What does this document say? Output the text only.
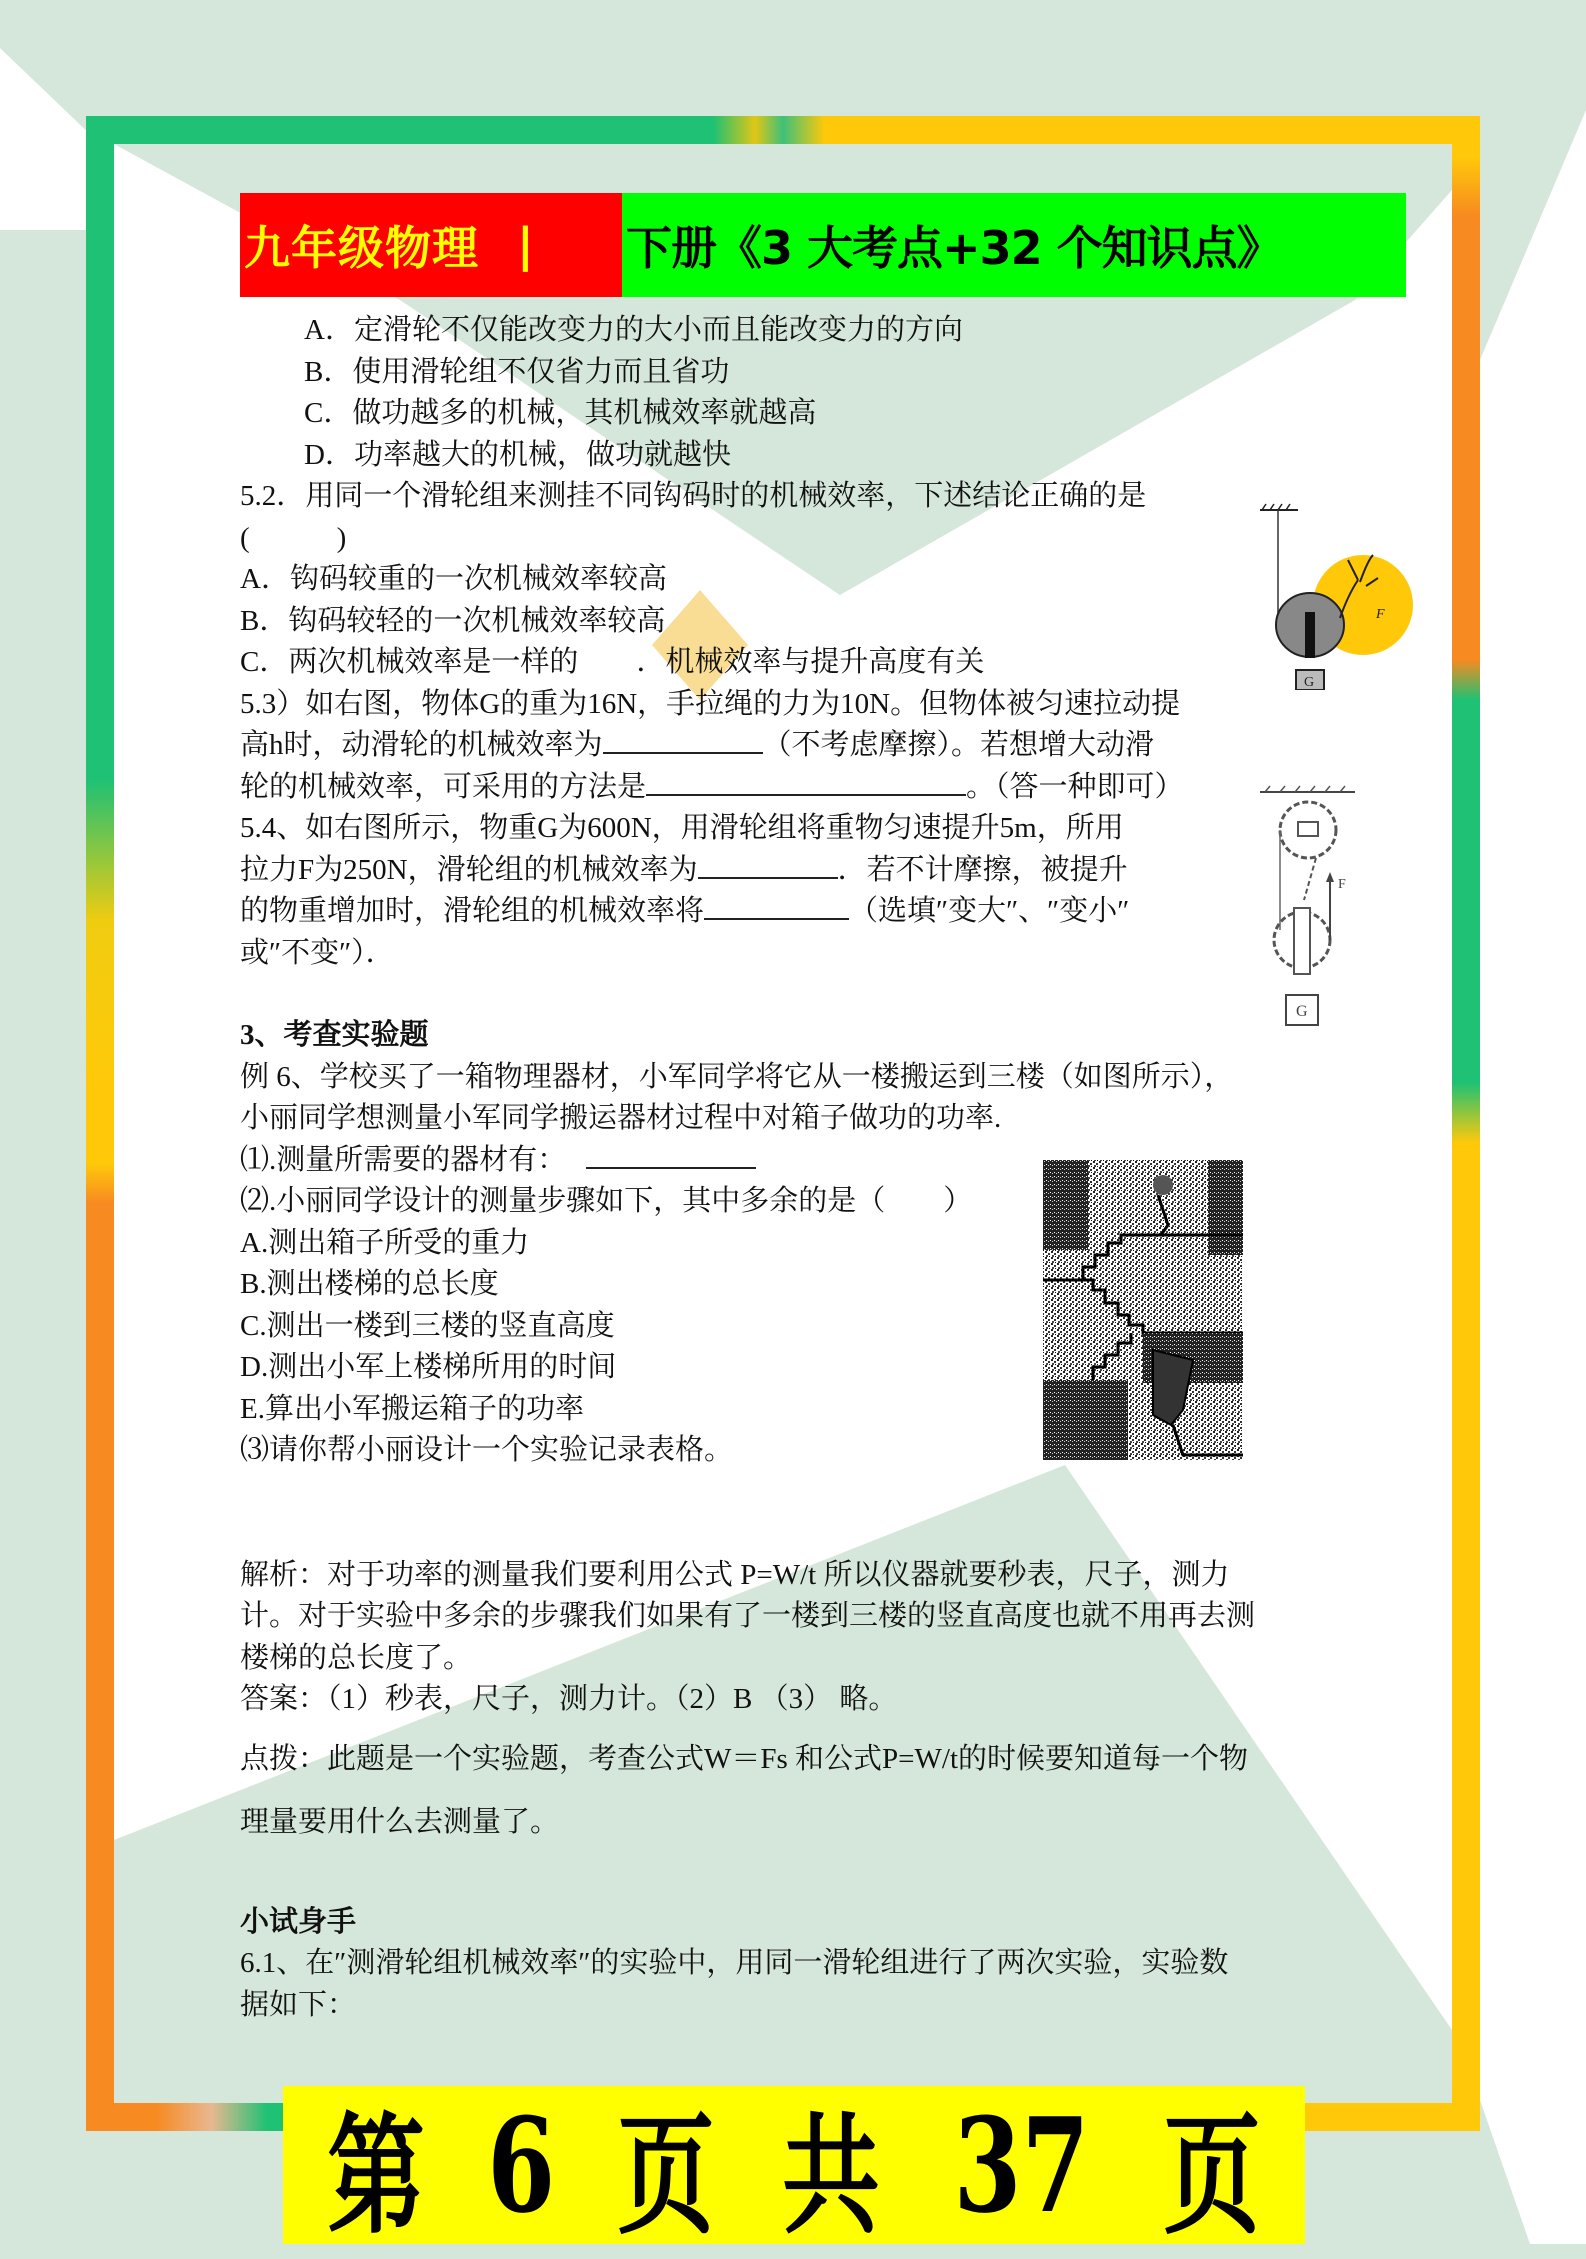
九年级物理 | 下册《3 大考点+32 个知识点》
A．定滑轮不仅能改变力的大小而且能改变力的方向
B．使用滑轮组不仅省力而且省功
C．做功越多的机械，其机械效率就越高
D．功率越大的机械，做功就越快
5.2．用同一个滑轮组来测挂不同钩码时的机械效率，下述结论正确的是
(　　　)
A．钩码较重的一次机械效率较高
B．钩码较轻的一次机械效率较高
C．两次机械效率是一样的　　．机械效率与提升高度有关
5.3）如右图，物体G的重为16N，手拉绳的力为10N。但物体被匀速拉动提
高h时，动滑轮的机械效率为	（不考虑摩擦）。若想增大动滑
轮的机械效率，可采用的方法是	。（答一种即可）
5.4、如右图所示，物重G为600N，用滑轮组将重物匀速提升5m，所用
拉力F为250N，滑轮组的机械效率为	．若不计摩擦，被提升
的物重增加时，滑轮组的机械效率将	（选填″变大″、″变小″
或″不变″）．
3、考查实验题
例 6、学校买了一箱物理器材，小军同学将它从一楼搬运到三楼（如图所示），
小丽同学想测量小军同学搬运器材过程中对箱子做功的功率.
⑴.测量所需要的器材有：
⑵.小丽同学设计的测量步骤如下，其中多余的是（　　）
A.测出箱子所受的重力
B.测出楼梯的总长度
C.测出一楼到三楼的竖直高度
D.测出小军上楼梯所用的时间
E.算出小军搬运箱子的功率
⑶请你帮小丽设计一个实验记录表格。
解析：对于功率的测量我们要利用公式 P=W/t 所以仪器就要秒表，尺子，测力
计。对于实验中多余的步骤我们如果有了一楼到三楼的竖直高度也就不用再去测
楼梯的总长度了。
答案：（1）秒表，尺子，测力计。（2）B （3） 略。
点拨：此题是一个实验题，考查公式W＝Fs 和公式P=W/t的时候要知道每一个物
理量要用什么去测量了。
小试身手
6.1、在″测滑轮组机械效率″的实验中，用同一滑轮组进行了两次实验，实验数
据如下：
F
G
F
G
第 6 页 共 37 页
